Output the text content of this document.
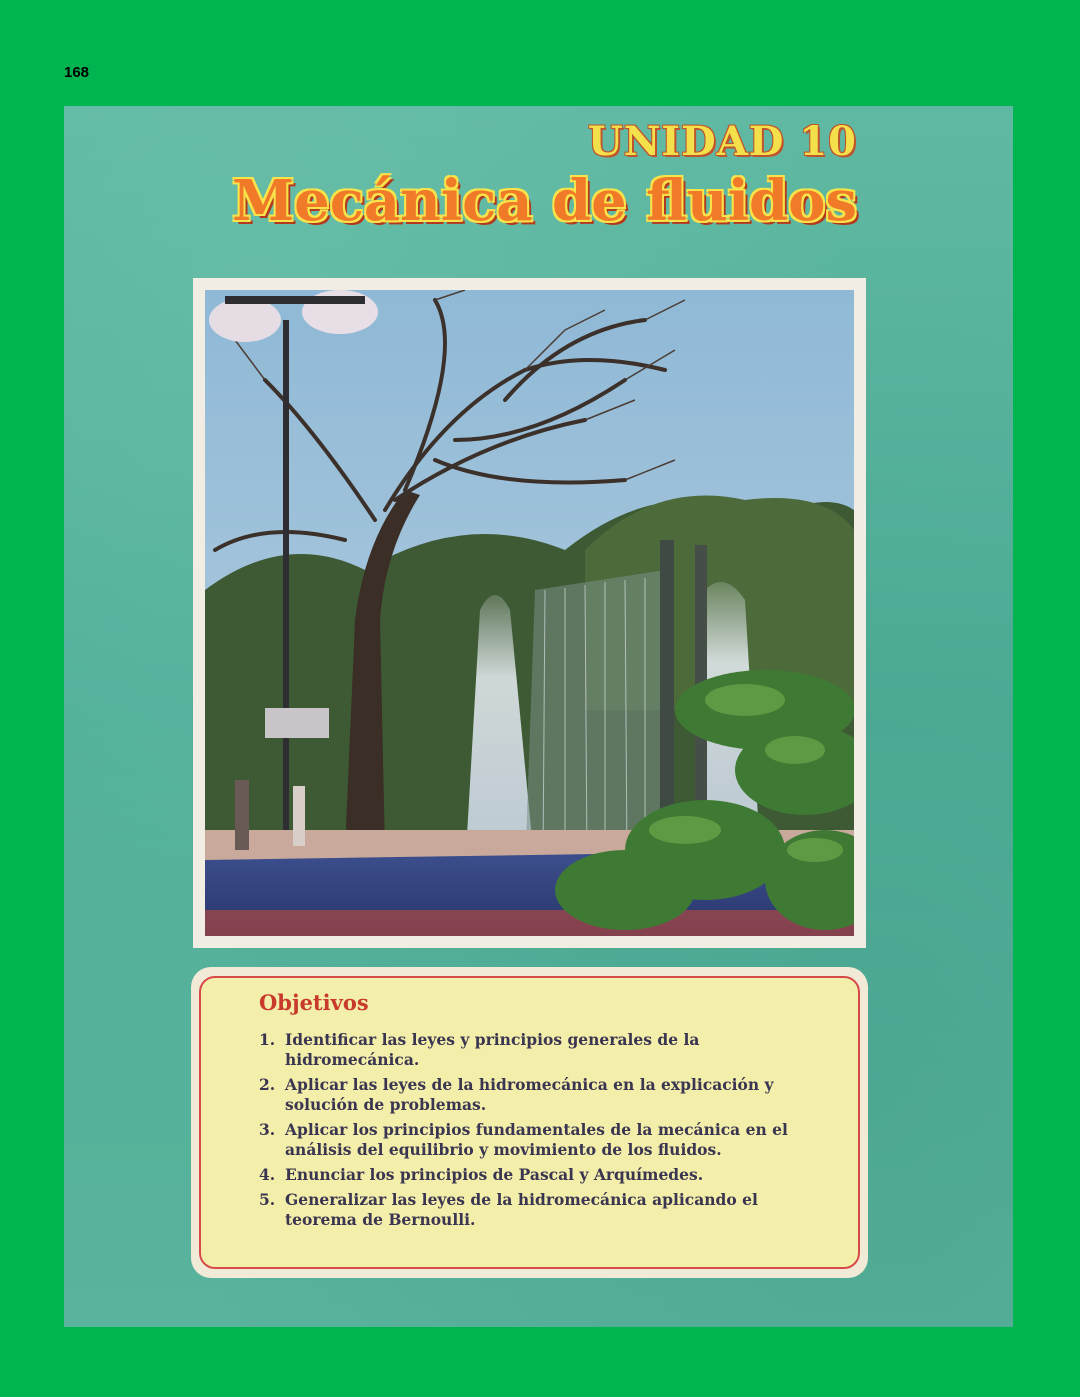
168
UNIDAD 10
Mecánica de fluidos
Objetivos
1. Identificar las leyes y principios generales de la hidromecánica.
2. Aplicar las leyes de la hidromecánica en la explicación y solución de problemas.
3. Aplicar los principios fundamentales de la mecánica en el análisis del equilibrio y movimiento de los fluidos.
4. Enunciar los principios de Pascal y Arquímedes.
5. Generalizar las leyes de la hidromecánica aplicando el teorema de Bernoulli.
